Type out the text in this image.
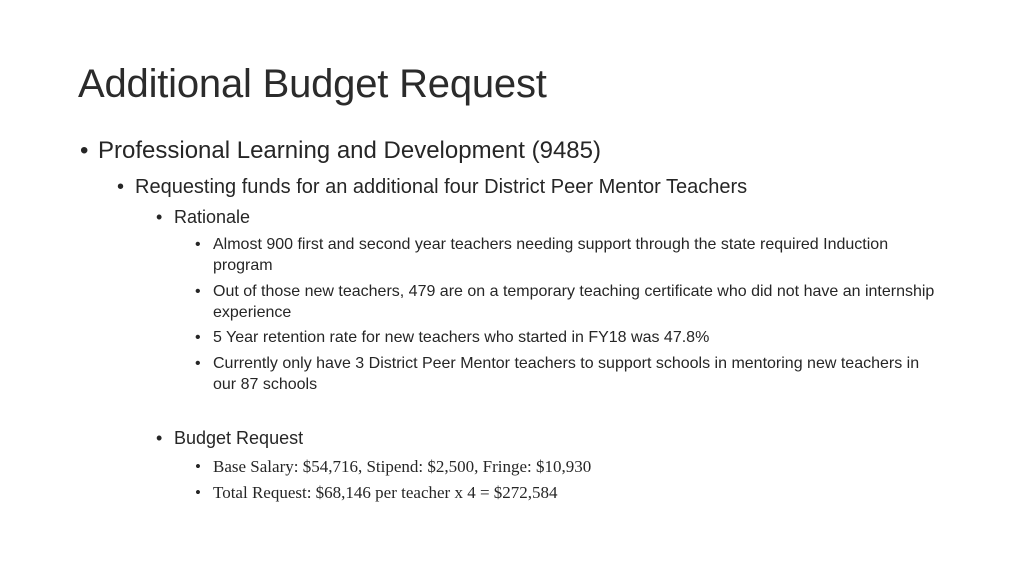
Additional Budget Request
• Professional Learning and Development (9485)
• Requesting funds for an additional four District Peer Mentor Teachers
• Rationale
• Almost 900 first and second year teachers needing support through the state required Induction program
• Out of those new teachers, 479 are on a temporary teaching certificate who did not have an internship experience
• 5 Year retention rate for new teachers who started in FY18 was 47.8%
• Currently only have 3 District Peer Mentor teachers to support schools in mentoring new teachers in our 87 schools
• Budget Request
• Base Salary: $54,716, Stipend: $2,500, Fringe: $10,930
• Total Request: $68,146 per teacher x 4 = $272,584
